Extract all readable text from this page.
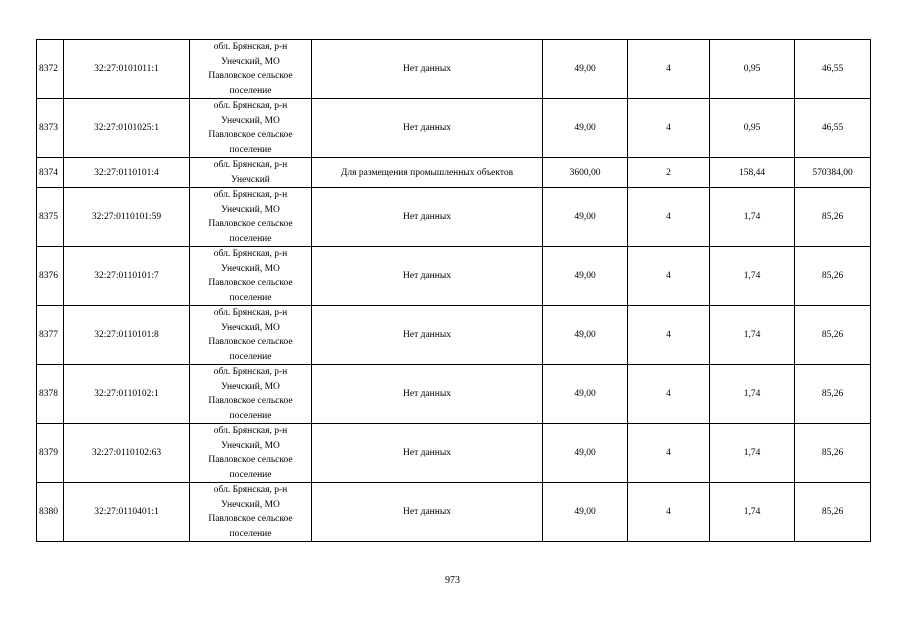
8372	32:27:0101011:1	обл. Брянская, р-н
Унечский, МО
Павловское сельское
поселение	Нет данных	49,00	4	0,95	46,55
8373	32:27:0101025:1	обл. Брянская, р-н
Унечский, МО
Павловское сельское
поселение	Нет данных	49,00	4	0,95	46,55
8374	32:27:0110101:4	обл. Брянская, р-н
Унечский	Для размещения промышленных объектов	3600,00	2	158,44	570384,00
8375	32:27:0110101:59	обл. Брянская, р-н
Унечский, МО
Павловское сельское
поселение	Нет данных	49,00	4	1,74	85,26
8376	32:27:0110101:7	обл. Брянская, р-н
Унечский, МО
Павловское сельское
поселение	Нет данных	49,00	4	1,74	85,26
8377	32:27:0110101:8	обл. Брянская, р-н
Унечский, МО
Павловское сельское
поселение	Нет данных	49,00	4	1,74	85,26
8378	32:27:0110102:1	обл. Брянская, р-н
Унечский, МО
Павловское сельское
поселение	Нет данных	49,00	4	1,74	85,26
8379	32:27:0110102:63	обл. Брянская, р-н
Унечский, МО
Павловское сельское
поселение	Нет данных	49,00	4	1,74	85,26
8380	32:27:0110401:1	обл. Брянская, р-н
Унечский, МО
Павловское сельское
поселение	Нет данных	49,00	4	1,74	85,26
973
